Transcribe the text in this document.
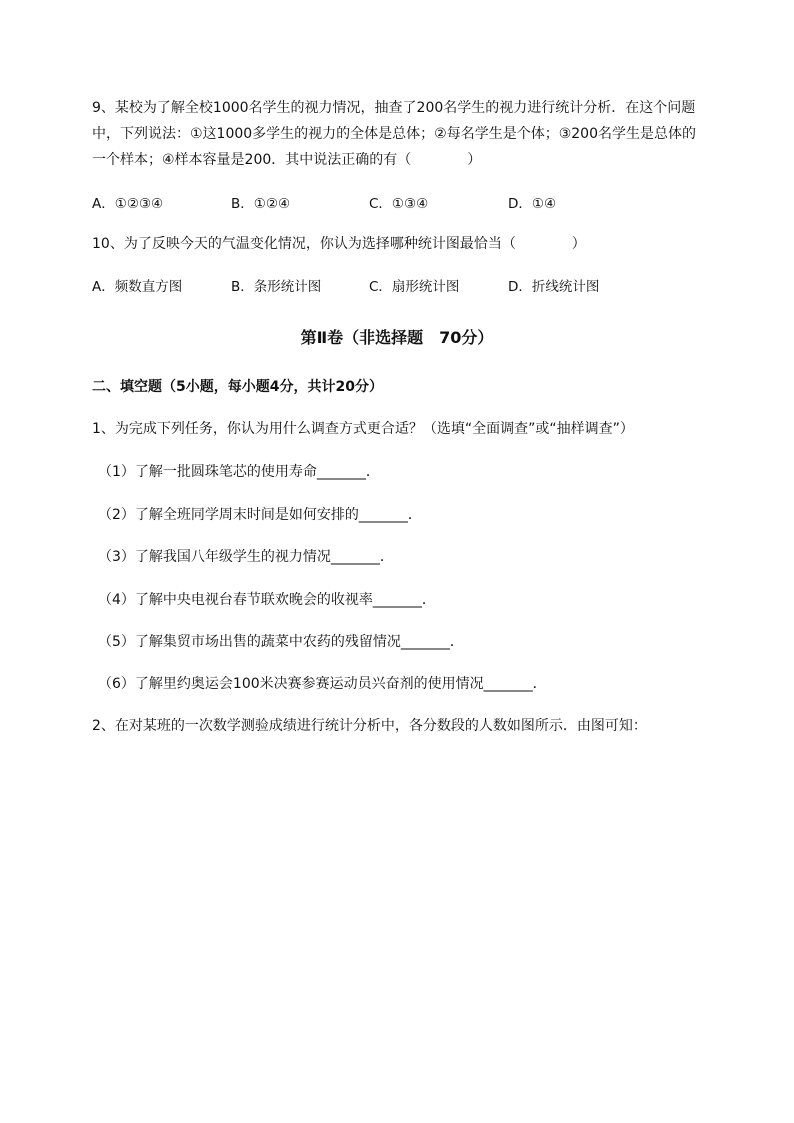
9、某校为了解全校1000名学生的视力情况，抽查了200名学生的视力进行统计分析．在这个问题
中，下列说法：①这1000多学生的视力的全体是总体；②每名学生是个体；③200名学生是总体的
一个样本；④样本容量是200．其中说法正确的有（　　　　）
A．①②③④	B．①②④	C．①③④	D．①④
10、为了反映今天的气温变化情况，你认为选择哪种统计图最恰当（　　　　）
A．频数直方图	B．条形统计图	C．扇形统计图	D．折线统计图
第Ⅱ卷（非选择题　70分）
二、填空题（5小题，每小题4分，共计20分）
1、为完成下列任务，你认为用什么调查方式更合适？（选填“全面调查”或“抽样调查”）
（1）了解一批圆珠笔芯的使用寿命_______．
（2）了解全班同学周末时间是如何安排的_______．
（3）了解我国八年级学生的视力情况_______．
（4）了解中央电视台春节联欢晚会的收视率_______．
（5）了解集贸市场出售的蔬菜中农药的残留情况_______．
（6）了解里约奥运会100米决赛参赛运动员兴奋剂的使用情况_______．
2、在对某班的一次数学测验成绩进行统计分析中，各分数段的人数如图所示．由图可知：
